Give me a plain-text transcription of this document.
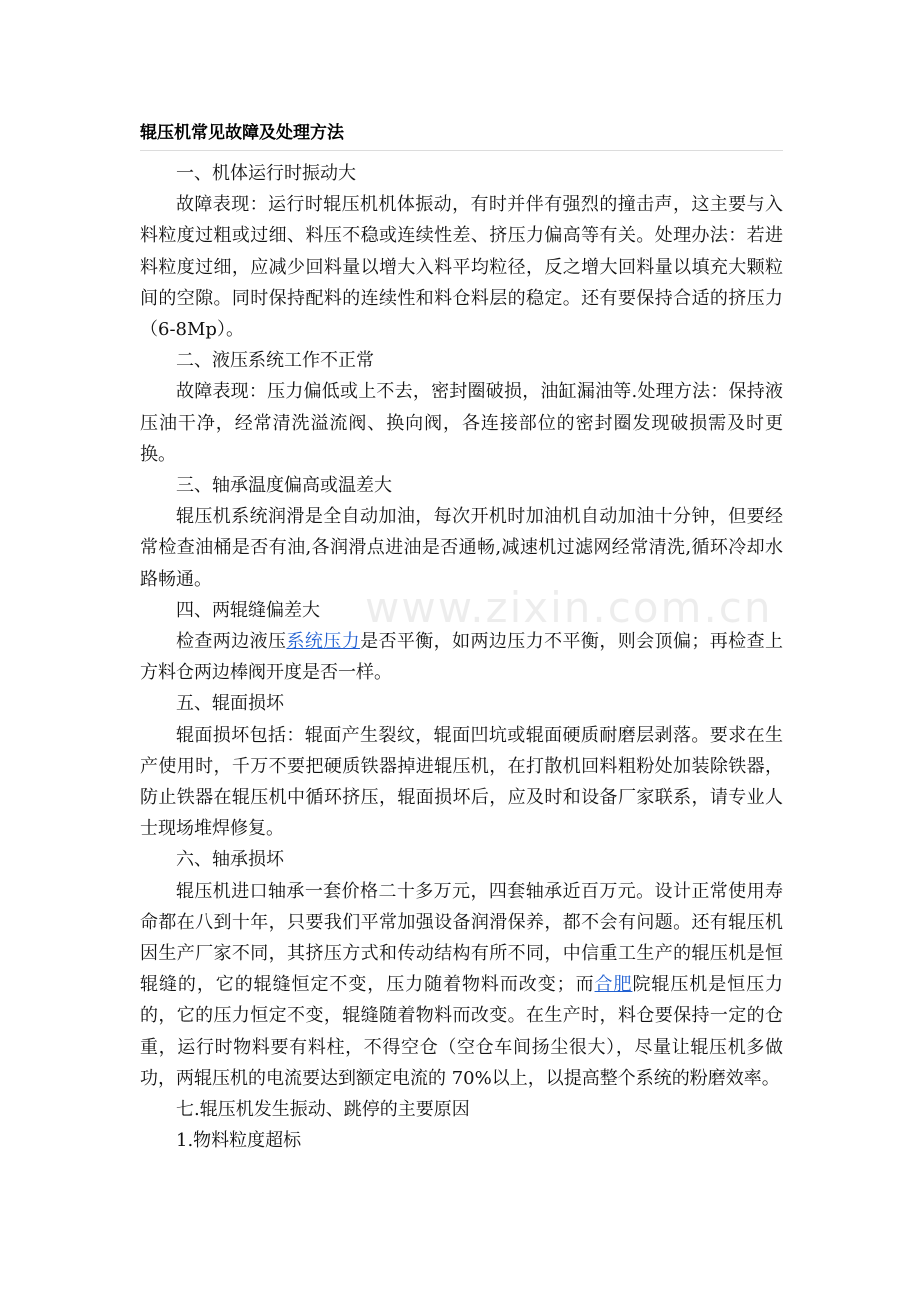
辊压机常见故障及处理方法
www.zixin.com.cn

一、机体运行时振动大

故障表现：运行时辊压机机体振动，有时并伴有强烈的撞击声，这主要与入料粒度过粗或过细、料压不稳或连续性差、挤压力偏高等有关。处理办法：若进料粒度过细，应减少回料量以增大入料平均粒径，反之增大回料量以填充大颗粒间的空隙。同时保持配料的连续性和料仓料层的稳定。还有要保持合适的挤压力（6-8Mp）。

二、液压系统工作不正常

故障表现：压力偏低或上不去，密封圈破损，油缸漏油等.处理方法：保持液压油干净，经常清洗溢流阀、换向阀，各连接部位的密封圈发现破损需及时更换。

三、轴承温度偏高或温差大

辊压机系统润滑是全自动加油，每次开机时加油机自动加油十分钟，但要经常检查油桶是否有油,各润滑点进油是否通畅,减速机过滤网经常清洗,循环冷却水路畅通。

四、两辊缝偏差大

检查两边液压系统压力是否平衡，如两边压力不平衡，则会顶偏；再检查上方料仓两边棒阀开度是否一样。

五、辊面损坏

辊面损坏包括：辊面产生裂纹，辊面凹坑或辊面硬质耐磨层剥落。要求在生产使用时，千万不要把硬质铁器掉进辊压机，在打散机回料粗粉处加装除铁器，防止铁器在辊压机中循环挤压，辊面损坏后，应及时和设备厂家联系，请专业人士现场堆焊修复。

六、轴承损坏

辊压机进口轴承一套价格二十多万元，四套轴承近百万元。设计正常使用寿命都在八到十年，只要我们平常加强设备润滑保养，都不会有问题。还有辊压机因生产厂家不同，其挤压方式和传动结构有所不同，中信重工生产的辊压机是恒辊缝的，它的辊缝恒定不变，压力随着物料而改变；而合肥院辊压机是恒压力的，它的压力恒定不变，辊缝随着物料而改变。在生产时，料仓要保持一定的仓重，运行时物料要有料柱，不得空仓（空仓车间扬尘很大），尽量让辊压机多做功，两辊压机的电流要达到额定电流的 70%以上，以提高整个系统的粉磨效率。

七.辊压机发生振动、跳停的主要原因

1.物料粒度超标
